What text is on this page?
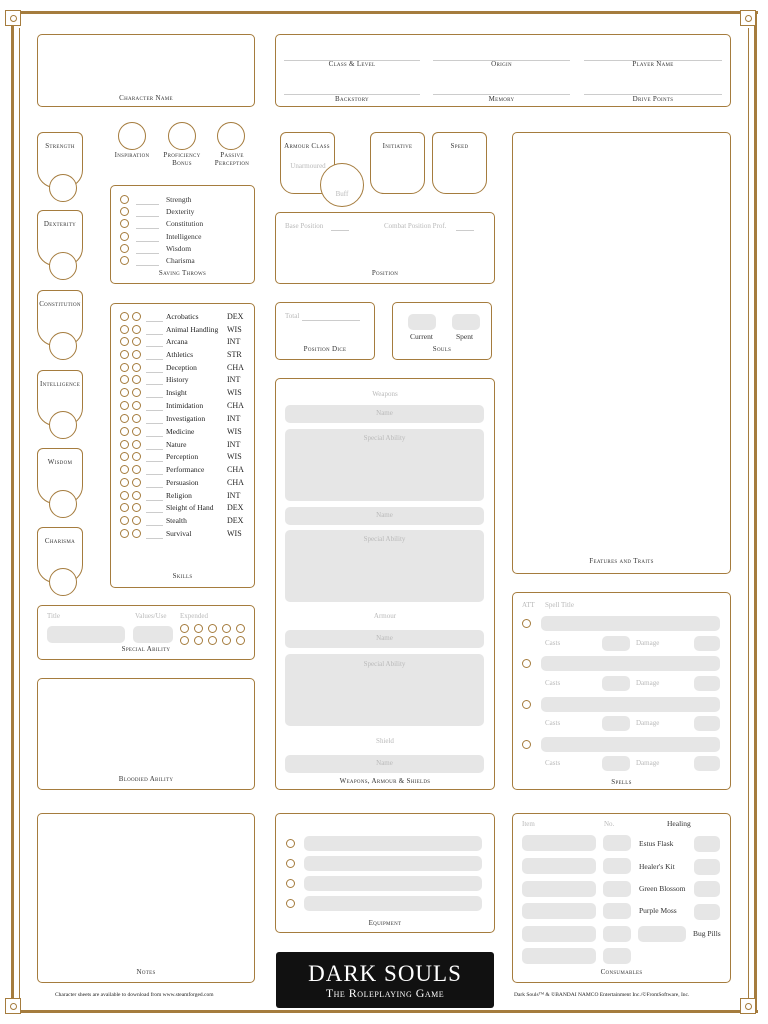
Character Name
Class & Level	Origin	Player Name
Backstory	Memory	Drive Points
Strength
Dexterity
Constitution
Intelligence
Wisdom
Charisma
Inspiration	Proficiency Bonus
Passive Perception
Armour Class
Unarmoured
Buff
Initiative	Speed
Base Position	Combat Position Prof.
Position
Total
Position Dice
Current	Spent
Souls
Strength
Dexterity
Constitution
Intelligence
Wisdom
Charisma
Saving Throws
Acrobatics	DEX
Animal Handling WIS
Arcana	INT
Athletics	STR
Deception	CHA
History	INT
Insight	WIS
Intimidation	CHA
Investigation	INT
Medicine	WIS
Nature	INT
Perception	WIS
Performance	CHA
Persuasion	CHA
Religion	INT
Sleight of Hand DEX
Stealth	DEX
Survival	WIS
Skills
Title	Values/Use Expended
Special Ability
Bloodied Ability
Notes
Weapons
Name
Special Ability
Name
Special Ability
Armour
Name
Special Ability
Shield
Name
Weapons, Armour & Shields
Equipment
DARK SOULS
The Roleplaying Game
Features and Traits
ATT Spell Title
Casts	Damage
Casts	Damage
Casts	Damage
Casts	Damage
Spells
Item	No.	Healing
Estus Flask
Healer's Kit
Green Blossom
Purple Moss
Bug Pills
Consumables
Character sheets are available to download from www.steamforged.com	Dark Souls™ & ©BANDAI NAMCO Entertainment Inc./©FromSoftware, Inc.
